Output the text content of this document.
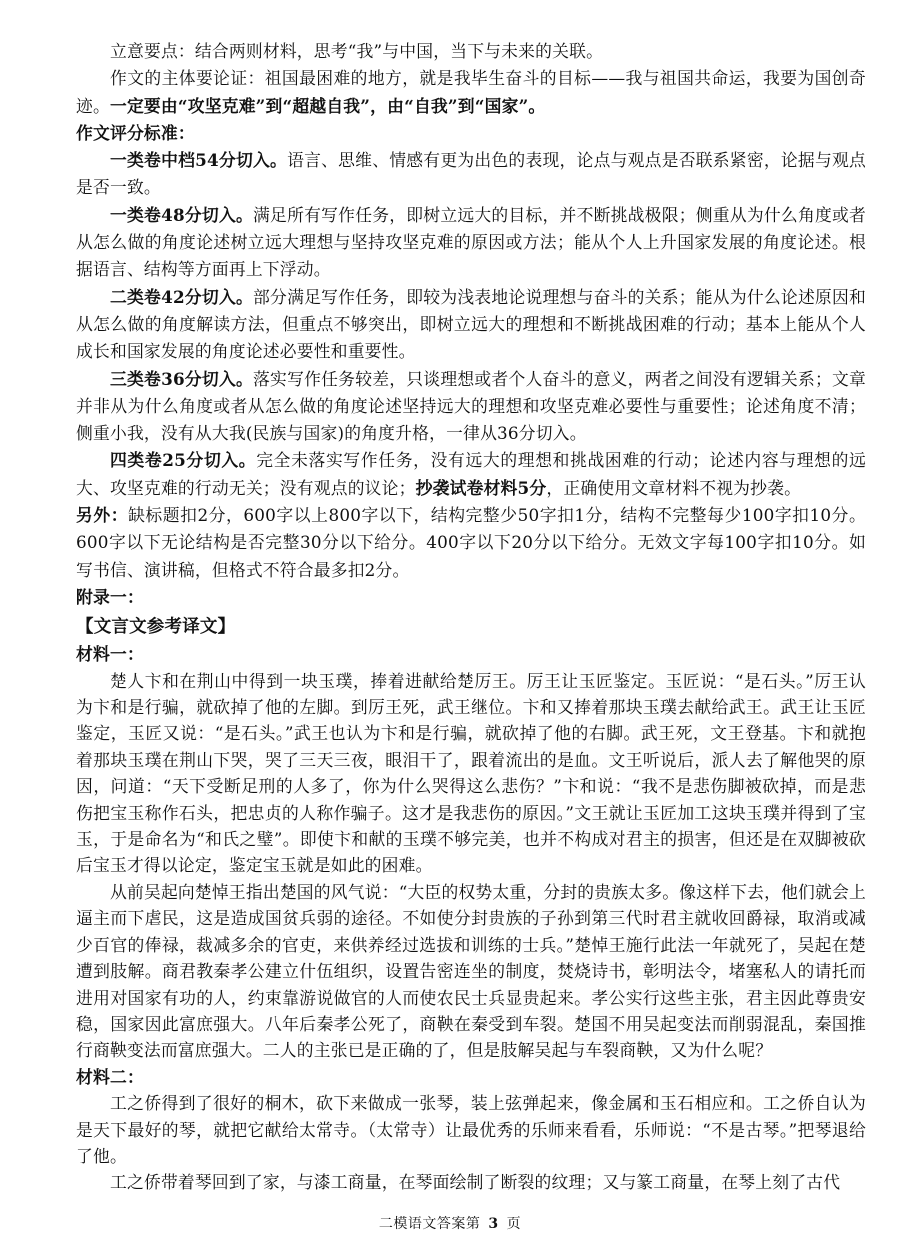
立意要点：结合两则材料，思考“我”与中国，当下与未来的关联。

作文的主体要论证：祖国最困难的地方，就是我毕生奋斗的目标——我与祖国共命运，我要为国创奇迹。一定要由“攻坚克难”到“超越自我”，由“自我”到“国家”。

作文评分标准：

一类卷中档54分切入。语言、思维、情感有更为出色的表现，论点与观点是否联系紧密，论据与观点是否一致。

一类卷48分切入。满足所有写作任务，即树立远大的目标，并不断挑战极限；侧重从为什么角度或者从怎么做的角度论述树立远大理想与坚持攻坚克难的原因或方法；能从个人上升国家发展的角度论述。根据语言、结构等方面再上下浮动。

二类卷42分切入。部分满足写作任务，即较为浅表地论说理想与奋斗的关系；能从为什么论述原因和从怎么做的角度解读方法，但重点不够突出，即树立远大的理想和不断挑战困难的行动；基本上能从个人成长和国家发展的角度论述必要性和重要性。

三类卷36分切入。落实写作任务较差，只谈理想或者个人奋斗的意义，两者之间没有逻辑关系；文章并非从为什么角度或者从怎么做的角度论述坚持远大的理想和攻坚克难必要性与重要性；论述角度不清；侧重小我，没有从大我(民族与国家)的角度升格，一律从36分切入。

四类卷25分切入。完全未落实写作任务，没有远大的理想和挑战困难的行动；论述内容与理想的远大、攻坚克难的行动无关；没有观点的议论；抄袭试卷材料5分，正确使用文章材料不视为抄袭。

另外：缺标题扣2分，600字以上800字以下，结构完整少50字扣1分，结构不完整每少100字扣10分。600字以下无论结构是否完整30分以下给分。400字以下20分以下给分。无效文字每100字扣10分。如写书信、演讲稿，但格式不符合最多扣2分。

附录一：

【文言文参考译文】

材料一：

楚人卞和在荆山中得到一块玉璞，捧着进献给楚厉王。厉王让玉匠鉴定。玉匠说：“是石头。”厉王认为卞和是行骗，就砍掉了他的左脚。到厉王死，武王继位。卞和又捧着那块玉璞去献给武王。武王让玉匠鉴定，玉匠又说：“是石头。”武王也认为卞和是行骗，就砍掉了他的右脚。武王死，文王登基。卞和就抱着那块玉璞在荆山下哭，哭了三天三夜，眼泪干了，跟着流出的是血。文王听说后，派人去了解他哭的原因，问道：“天下受断足刑的人多了，你为什么哭得这么悲伤？”卞和说：“我不是悲伤脚被砍掉，而是悲伤把宝玉称作石头，把忠贞的人称作骗子。这才是我悲伤的原因。”文王就让玉匠加工这块玉璞并得到了宝玉，于是命名为“和氏之璧”。即使卞和献的玉璞不够完美，也并不构成对君主的损害，但还是在双脚被砍后宝玉才得以论定，鉴定宝玉就是如此的困难。

从前吴起向楚悼王指出楚国的风气说：“大臣的权势太重，分封的贵族太多。像这样下去，他们就会上逼主而下虐民，这是造成国贫兵弱的途径。不如使分封贵族的子孙到第三代时君主就收回爵禄，取消或减少百官的俸禄，裁减多余的官吏，来供养经过选拔和训练的士兵。”楚悼王施行此法一年就死了，吴起在楚遭到肢解。商君教秦孝公建立什伍组织，设置告密连坐的制度，焚烧诗书，彰明法令，堵塞私人的请托而进用对国家有功的人，约束靠游说做官的人而使农民士兵显贵起来。孝公实行这些主张，君主因此尊贵安稳，国家因此富庶强大。八年后秦孝公死了，商鞅在秦受到车裂。楚国不用吴起变法而削弱混乱，秦国推行商鞅变法而富庶强大。二人的主张已是正确的了，但是肢解吴起与车裂商鞅，又为什么呢？

材料二：

工之侨得到了很好的桐木，砍下来做成一张琴，装上弦弹起来，像金属和玉石相应和。工之侨自认为是天下最好的琴，就把它献给太常寺。（太常寺）让最优秀的乐师来看看，乐师说：“不是古琴。”把琴退给了他。

工之侨带着琴回到了家，与漆工商量，在琴面绘制了断裂的纹理；又与篆工商量，在琴上刻了古代

二模语文答案第 3 页
